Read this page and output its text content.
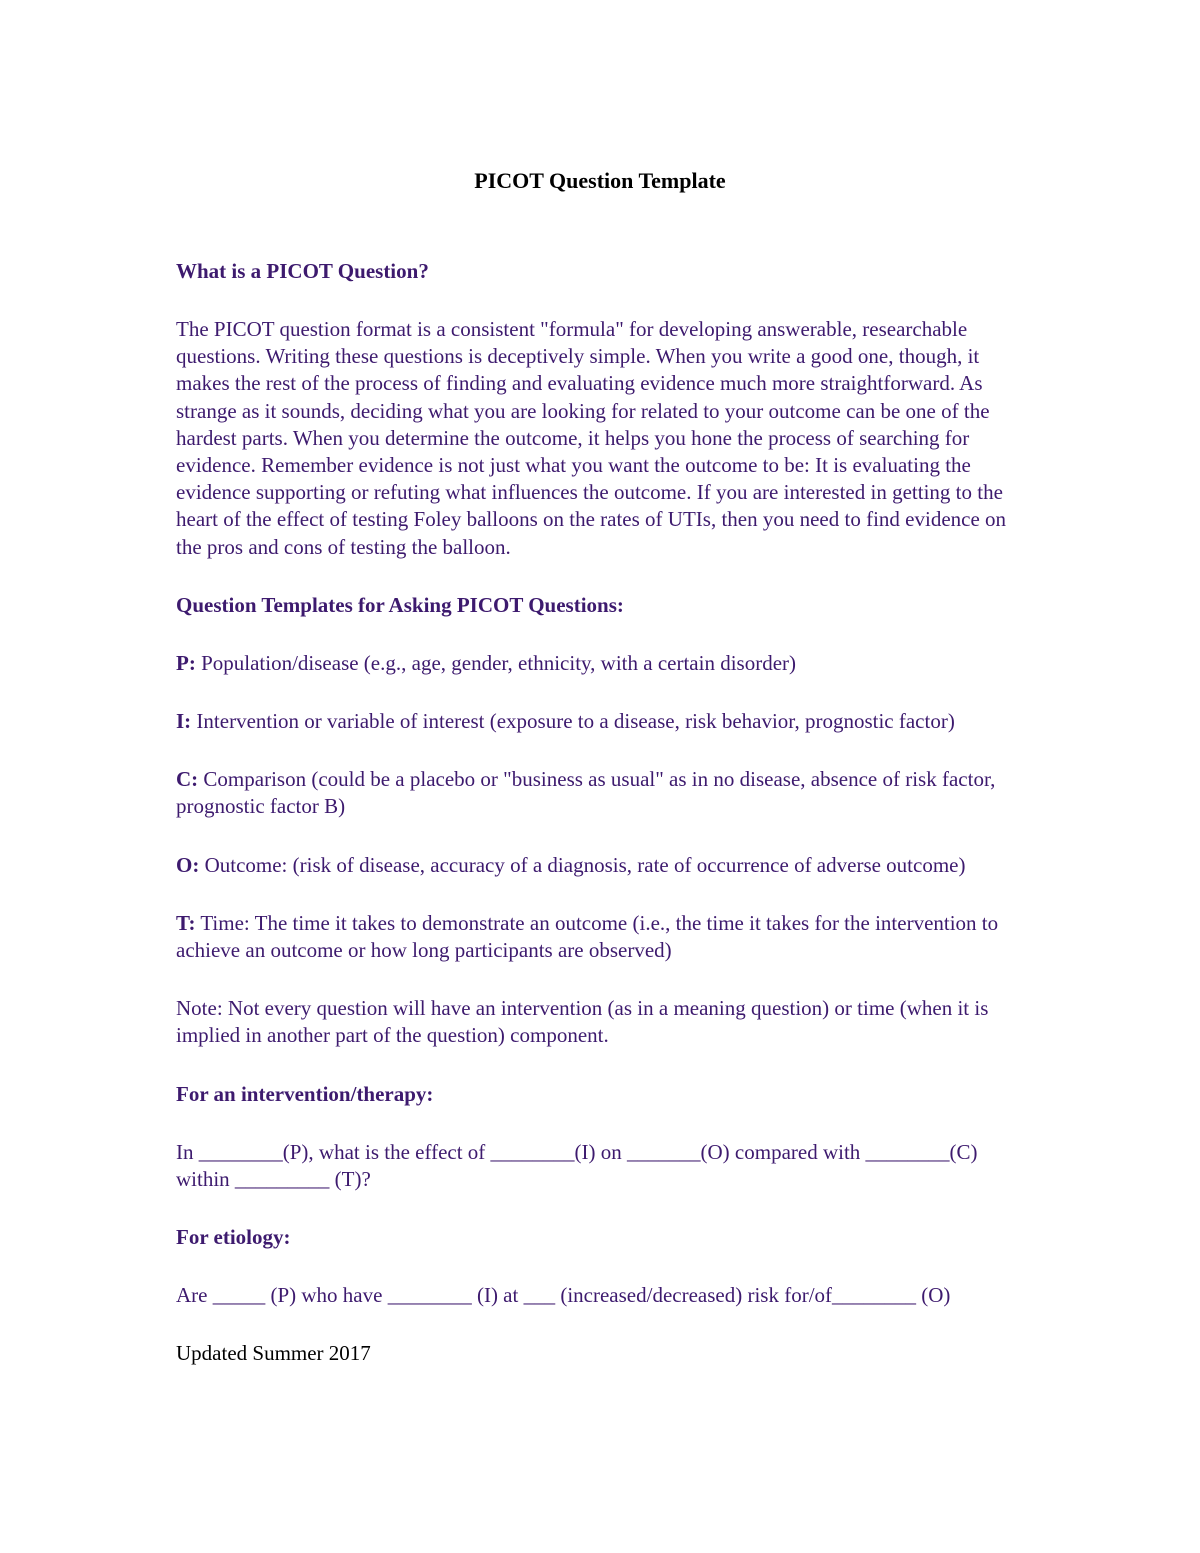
PICOT Question Template

What is a PICOT Question?

The PICOT question format is a consistent "formula" for developing answerable, researchable questions. Writing these questions is deceptively simple. When you write a good one, though, it makes the rest of the process of finding and evaluating evidence much more straightforward. As strange as it sounds, deciding what you are looking for related to your outcome can be one of the hardest parts. When you determine the outcome, it helps you hone the process of searching for evidence. Remember evidence is not just what you want the outcome to be: It is evaluating the evidence supporting or refuting what influences the outcome. If you are interested in getting to the heart of the effect of testing Foley balloons on the rates of UTIs, then you need to find evidence on the pros and cons of testing the balloon.

Question Templates for Asking PICOT Questions:

P: Population/disease (e.g., age, gender, ethnicity, with a certain disorder)

I: Intervention or variable of interest (exposure to a disease, risk behavior, prognostic factor)

C: Comparison (could be a placebo or "business as usual" as in no disease, absence of risk factor, prognostic factor B)

O: Outcome: (risk of disease, accuracy of a diagnosis, rate of occurrence of adverse outcome)

T: Time: The time it takes to demonstrate an outcome (i.e., the time it takes for the intervention to achieve an outcome or how long participants are observed)

Note: Not every question will have an intervention (as in a meaning question) or time (when it is implied in another part of the question) component.

For an intervention/therapy:

In ________(P), what is the effect of ________(I) on _______(O) compared with ________(C) within _________ (T)?

For etiology:

Are _____ (P) who have ________ (I) at ___ (increased/decreased) risk for/of________ (O)

Updated Summer 2017
